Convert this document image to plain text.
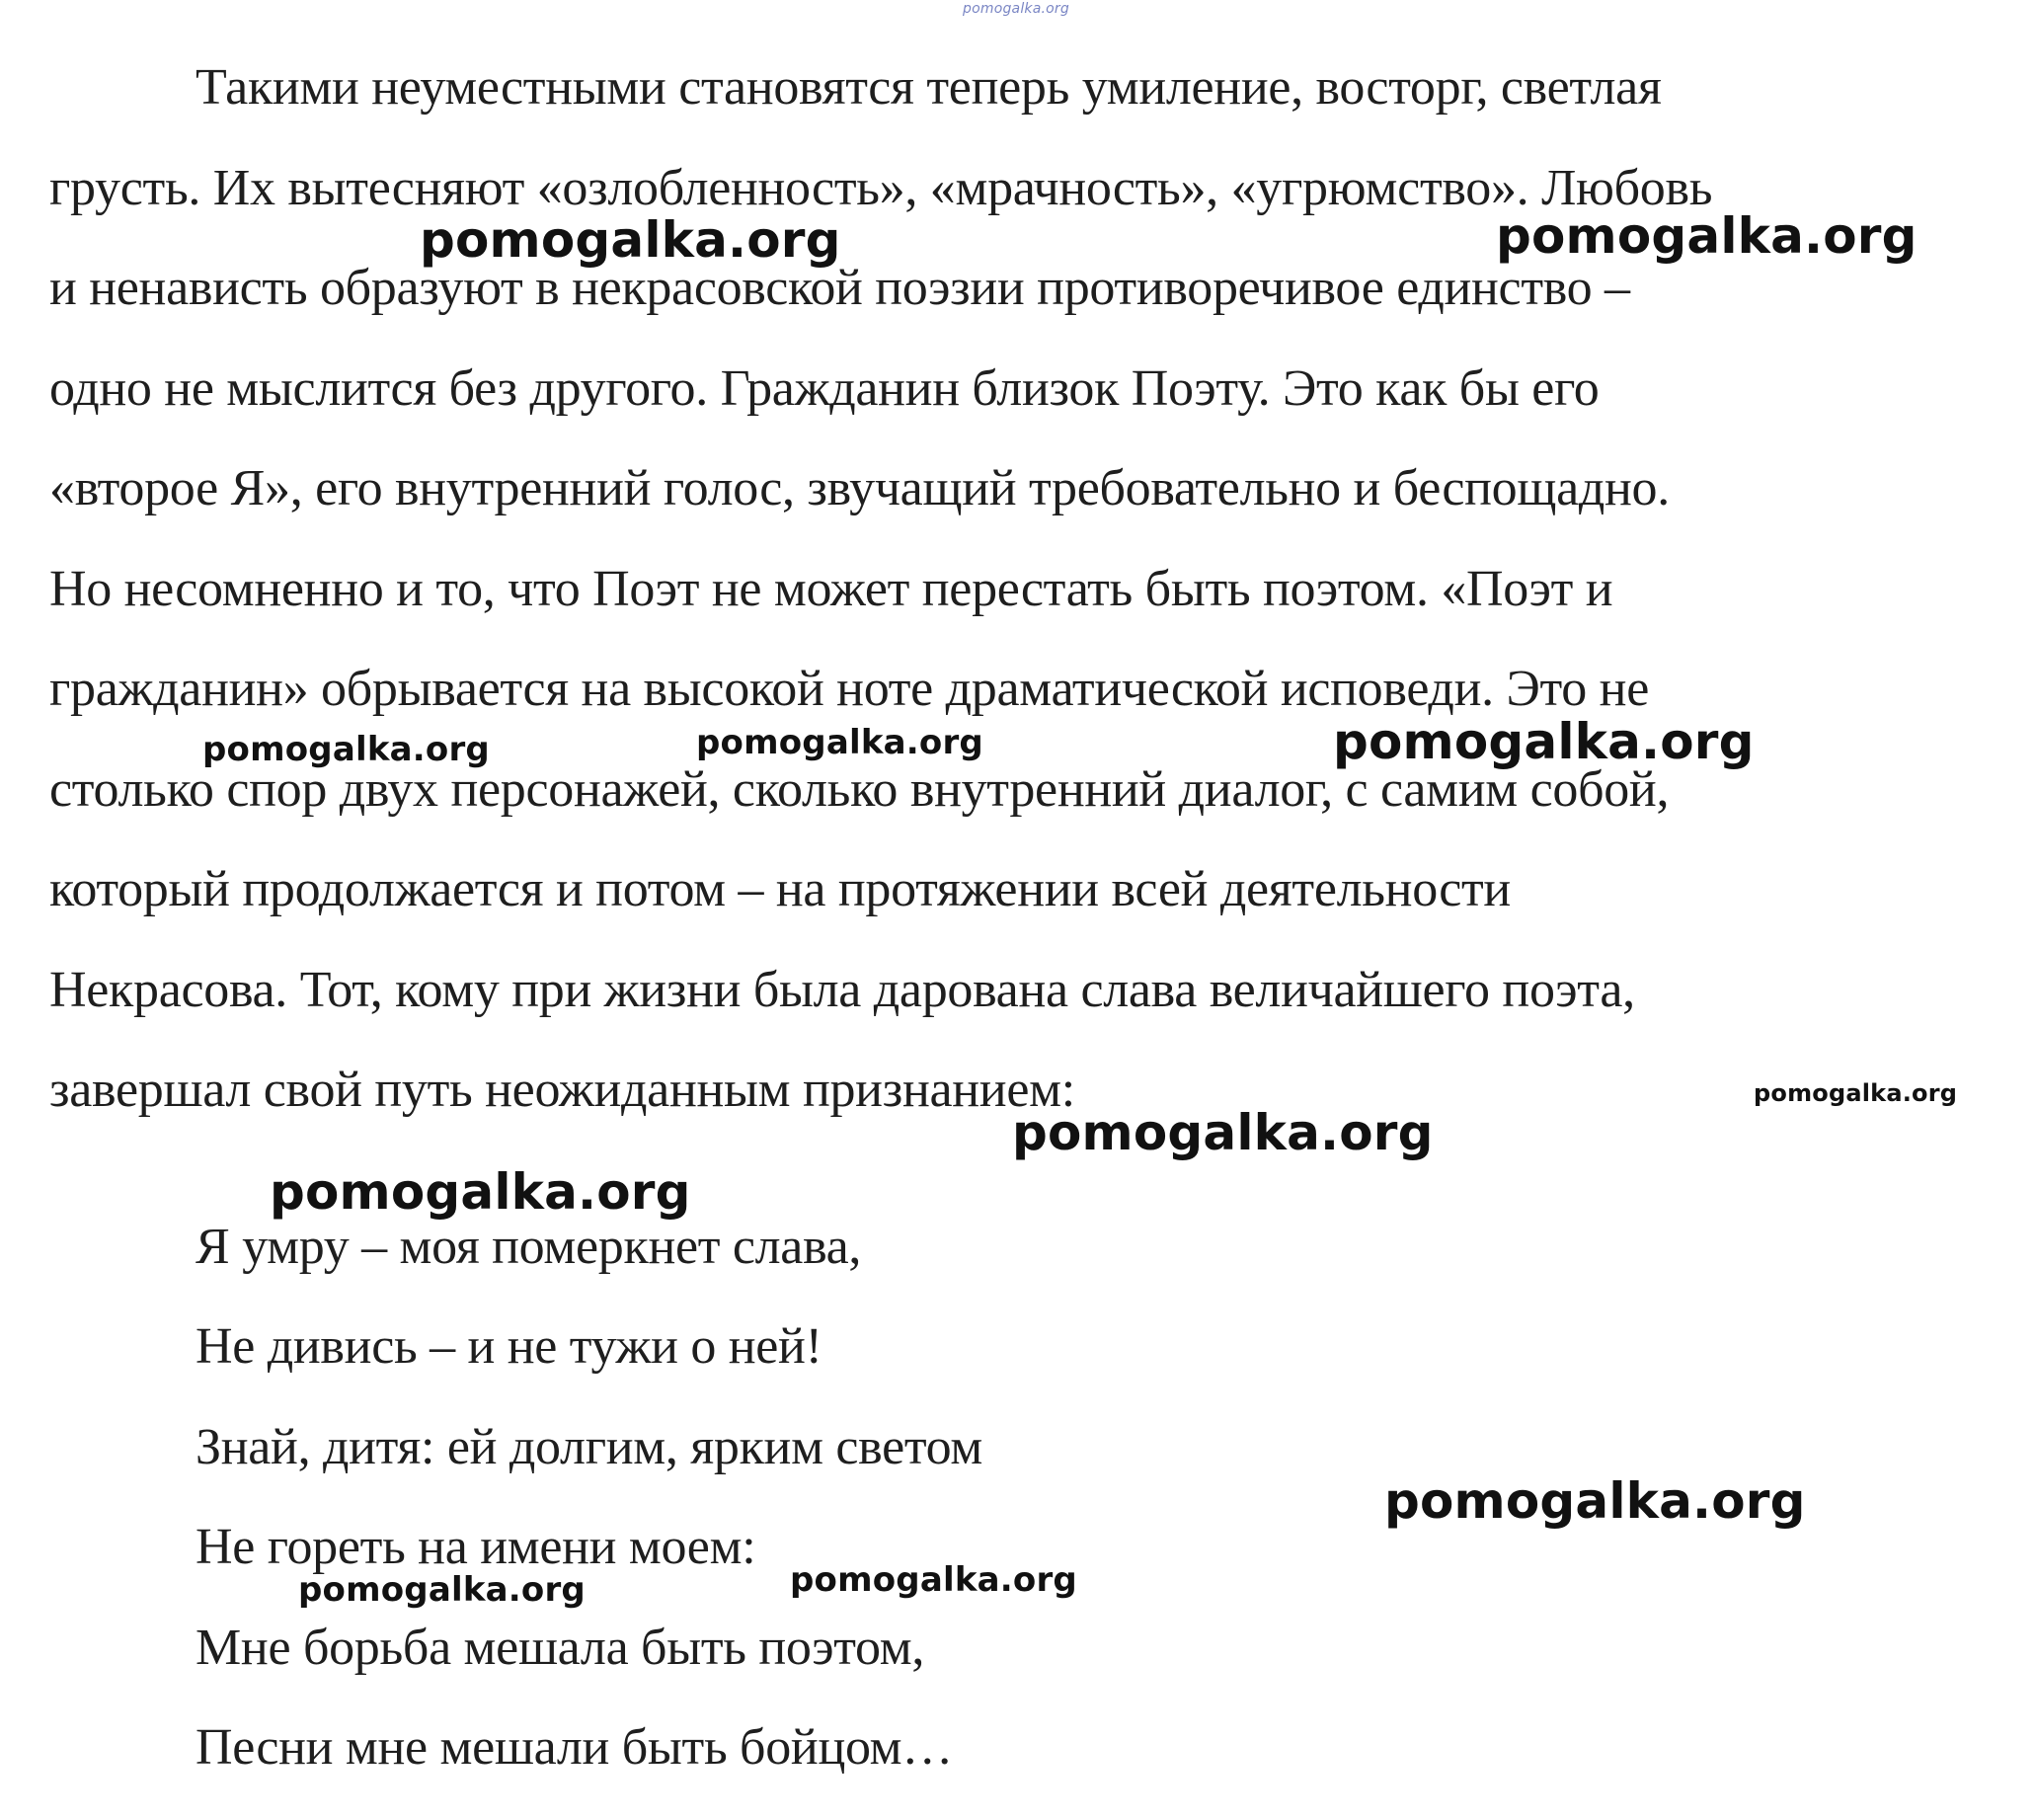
pomogalka.org
Такими неуместными становятся теперь умиление, восторг, светлая
грусть. Их вытесняют «озлобленность», «мрачность», «угрюмство». Любовь
и ненависть образуют в некрасовской поэзии противоречивое единство –
одно не мыслится без другого. Гражданин близок Поэту. Это как бы его
«второе Я», его внутренний голос, звучащий требовательно и беспощадно.
Но несомненно и то, что Поэт не может перестать быть поэтом. «Поэт и
гражданин» обрывается на высокой ноте драматической исповеди. Это не
столько спор двух персонажей, сколько внутренний диалог, с самим собой,
который продолжается и потом – на протяжении всей деятельности
Некрасова. Тот, кому при жизни была дарована слава величайшего поэта,
завершал свой путь неожиданным признанием:
Я умру – моя померкнет слава,
Не дивись – и не тужи о ней!
Знай, дитя: ей долгим, ярким светом
Не гореть на имени моем:
Мне борьба мешала быть поэтом,
Песни мне мешали быть бойцом…
pomogalka.org	pomogalka.org
pomogalka.org	pomogalka.org	pomogalka.org
pomogalka.org
pomogalka.org
pomogalka.org
pomogalka.org
pomogalka.org	pomogalka.org
